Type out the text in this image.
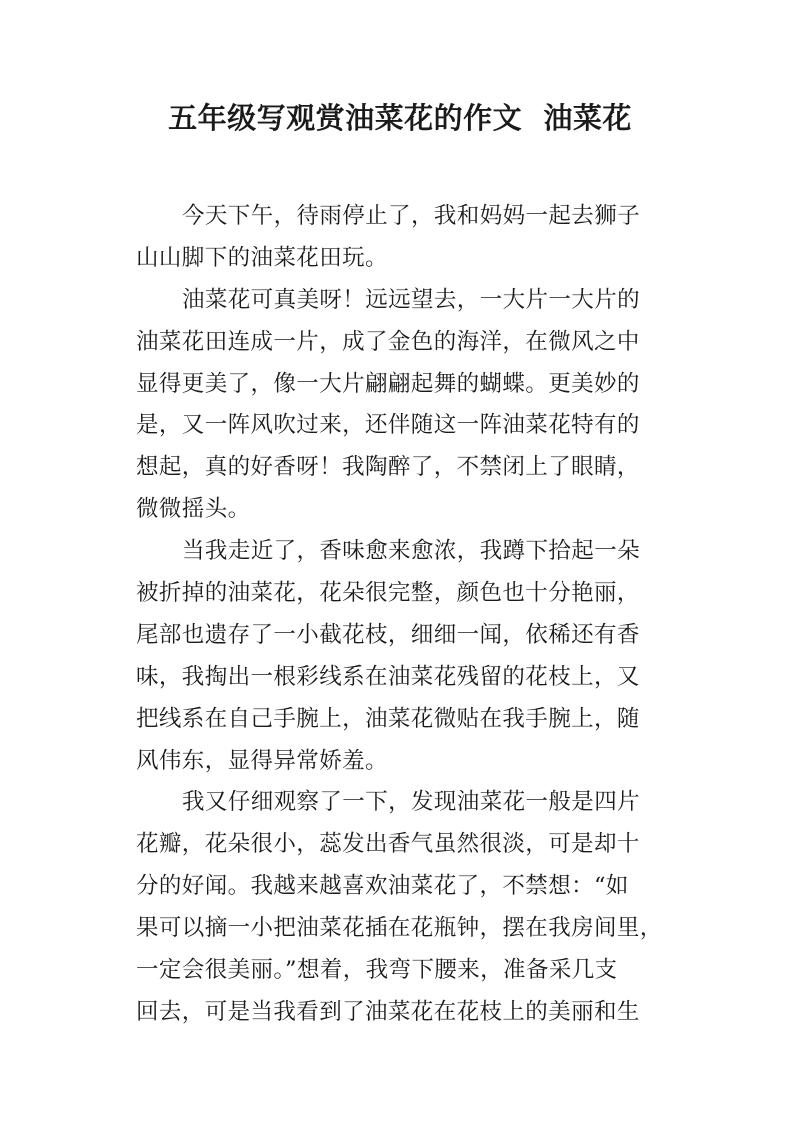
五年级写观赏油菜花的作文  油菜花
今天下午，待雨停止了，我和妈妈一起去狮子
山山脚下的油菜花田玩。
油菜花可真美呀！远远望去，一大片一大片的
油菜花田连成一片，成了金色的海洋，在微风之中
显得更美了，像一大片翩翩起舞的蝴蝶。更美妙的
是，又一阵风吹过来，还伴随这一阵油菜花特有的
想起，真的好香呀！我陶醉了，不禁闭上了眼睛，
微微摇头。
当我走近了，香味愈来愈浓，我蹲下拾起一朵
被折掉的油菜花，花朵很完整，颜色也十分艳丽，
尾部也遗存了一小截花枝，细细一闻，依稀还有香
味，我掏出一根彩线系在油菜花残留的花枝上，又
把线系在自己手腕上，油菜花微贴在我手腕上，随
风伟东，显得异常娇羞。
我又仔细观察了一下，发现油菜花一般是四片
花瓣，花朵很小，蕊发出香气虽然很淡，可是却十
分的好闻。我越来越喜欢油菜花了，不禁想：“如
果可以摘一小把油菜花插在花瓶钟，摆在我房间里，
一定会很美丽。”想着，我弯下腰来，准备采几支
回去，可是当我看到了油菜花在花枝上的美丽和生
